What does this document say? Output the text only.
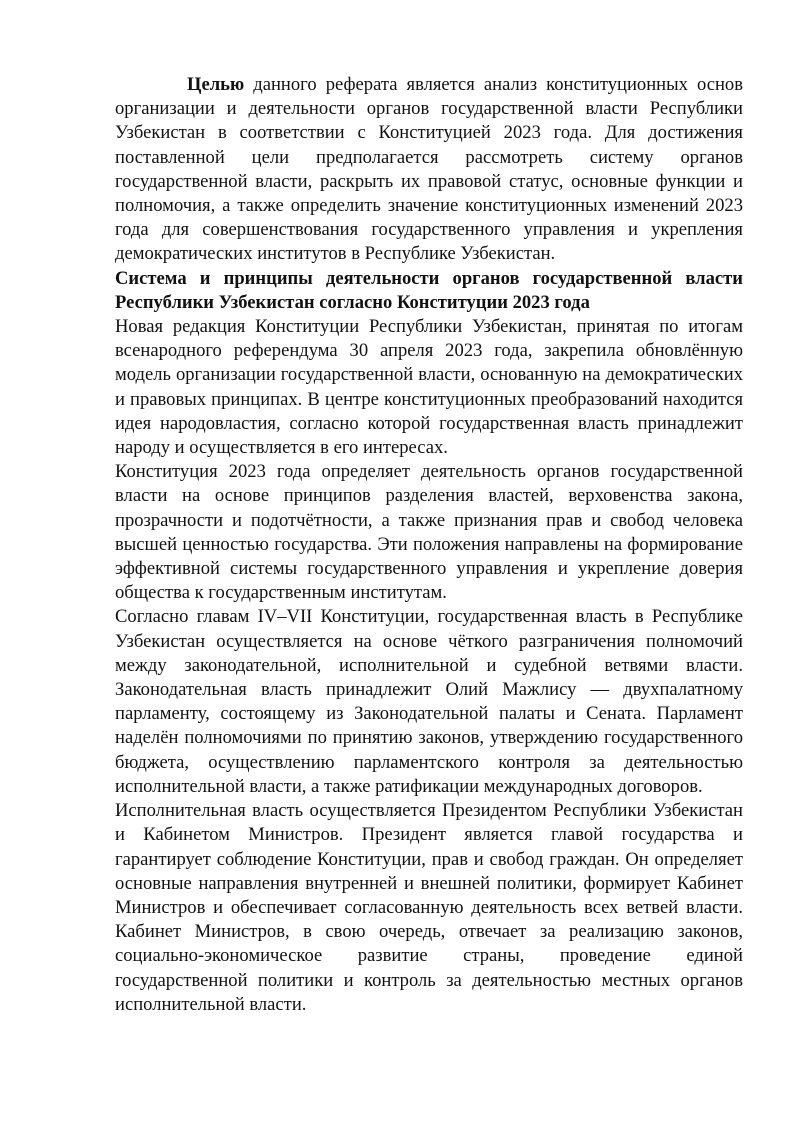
Целью данного реферата является анализ конституционных основ организации и деятельности органов государственной власти Республики Узбекистан в соответствии с Конституцией 2023 года. Для достижения поставленной цели предполагается рассмотреть систему органов государственной власти, раскрыть их правовой статус, основные функции и полномочия, а также определить значение конституционных изменений 2023 года для совершенствования государственного управления и укрепления демократических институтов в Республике Узбекистан.

Система и принципы деятельности органов государственной власти Республики Узбекистан согласно Конституции 2023 года

Новая редакция Конституции Республики Узбекистан, принятая по итогам всенародного референдума 30 апреля 2023 года, закрепила обновлённую модель организации государственной власти, основанную на демократических и правовых принципах. В центре конституционных преобразований находится идея народовластия, согласно которой государственная власть принадлежит народу и осуществляется в его интересах.

Конституция 2023 года определяет деятельность органов государственной власти на основе принципов разделения властей, верховенства закона, прозрачности и подотчётности, а также признания прав и свобод человека высшей ценностью государства. Эти положения направлены на формирование эффективной системы государственного управления и укрепление доверия общества к государственным институтам.

Согласно главам IV–VII Конституции, государственная власть в Республике Узбекистан осуществляется на основе чёткого разграничения полномочий между законодательной, исполнительной и судебной ветвями власти. Законодательная власть принадлежит Олий Мажлису — двухпалатному парламенту, состоящему из Законодательной палаты и Сената. Парламент наделён полномочиями по принятию законов, утверждению государственного бюджета, осуществлению парламентского контроля за деятельностью исполнительной власти, а также ратификации международных договоров.

Исполнительная власть осуществляется Президентом Республики Узбекистан и Кабинетом Министров. Президент является главой государства и гарантирует соблюдение Конституции, прав и свобод граждан. Он определяет основные направления внутренней и внешней политики, формирует Кабинет Министров и обеспечивает согласованную деятельность всех ветвей власти. Кабинет Министров, в свою очередь, отвечает за реализацию законов, социально-экономическое развитие страны, проведение единой государственной политики и контроль за деятельностью местных органов исполнительной власти.
